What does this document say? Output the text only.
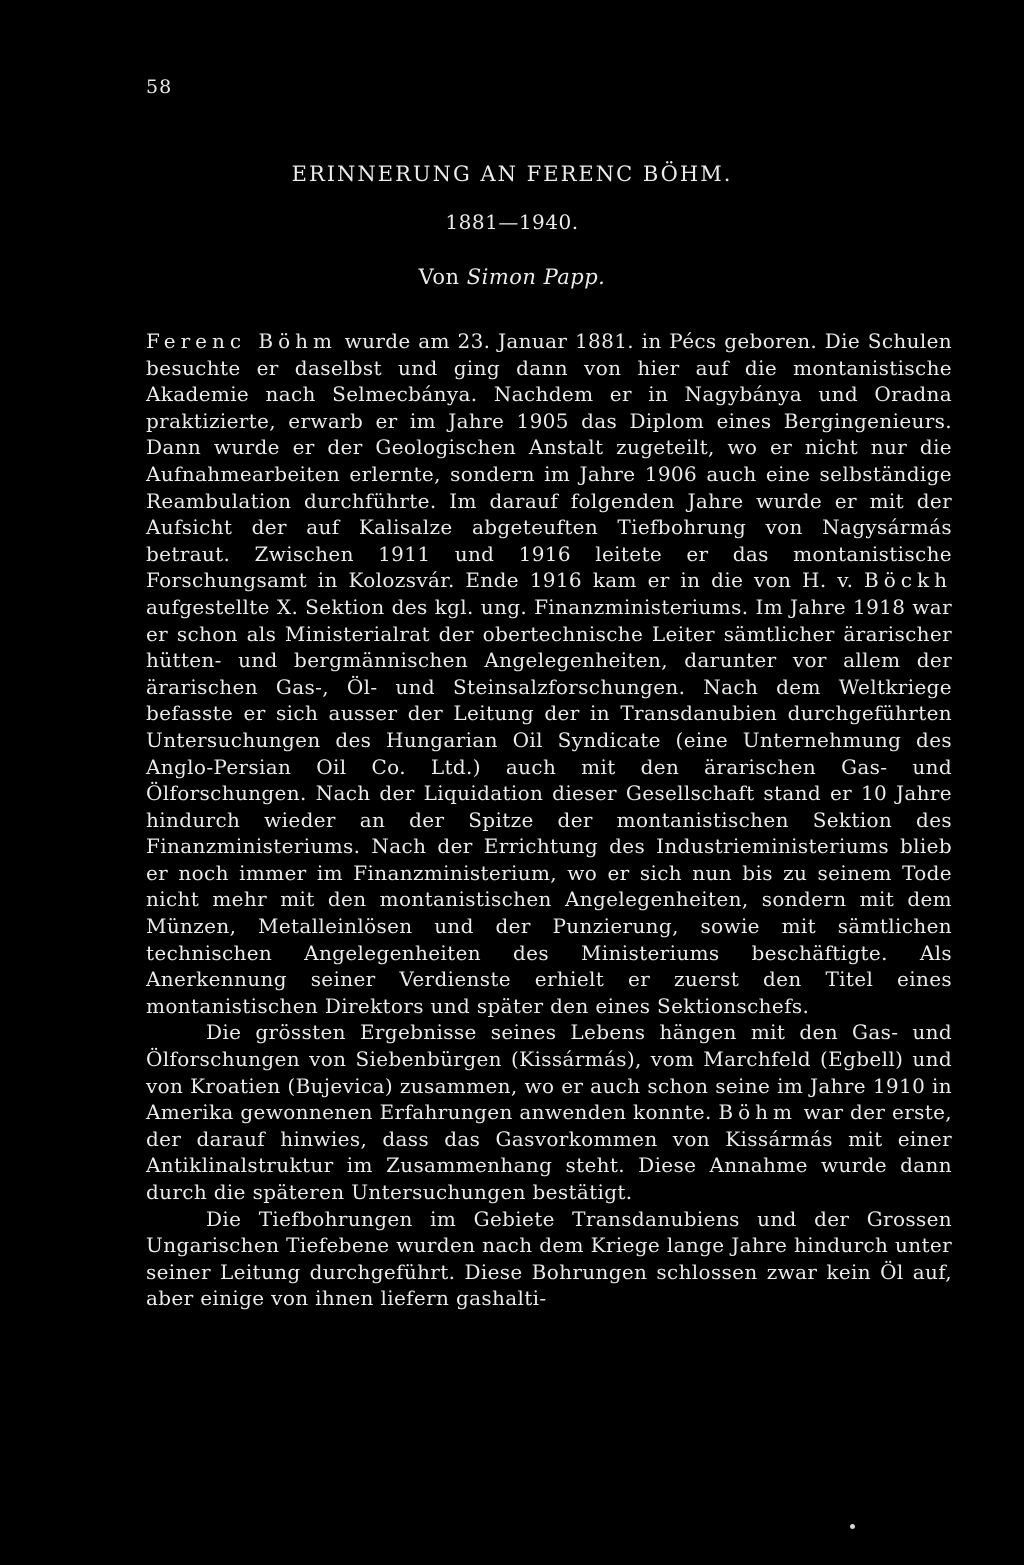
58
ERINNERUNG AN FERENC BÖHM.
1881—1940.
Von Simon Papp.

Ferenc Böhm wurde am 23. Januar 1881. in Pécs geboren. Die Schulen besuchte er daselbst und ging dann von hier auf die montanistische Akademie nach Selmecbánya. Nachdem er in Nagybánya und Oradna praktizierte, erwarb er im Jahre 1905 das Diplom eines Bergingenieurs. Dann wurde er der Geologischen Anstalt zugeteilt, wo er nicht nur die Aufnahmearbeiten erlernte, sondern im Jahre 1906 auch eine selbständige Reambulation durchführte. Im darauf folgenden Jahre wurde er mit der Aufsicht der auf Kalisalze abgeteuften Tiefbohrung von Nagysármás betraut. Zwischen 1911 und 1916 leitete er das montanistische Forschungsamt in Kolozsvár. Ende 1916 kam er in die von H. v. Böckh aufgestellte X. Sektion des kgl. ung. Finanzministeriums. Im Jahre 1918 war er schon als Ministerialrat der obertechnische Leiter sämtlicher ärarischer hütten- und bergmännischen Angelegenheiten, darunter vor allem der ärarischen Gas-, Öl- und Steinsalzforschungen. Nach dem Weltkriege befasste er sich ausser der Leitung der in Transdanubien durchgeführten Untersuchungen des Hungarian Oil Syndicate (eine Unternehmung des Anglo-Persian Oil Co. Ltd.) auch mit den ärarischen Gas- und Ölforschungen. Nach der Liquidation dieser Gesellschaft stand er 10 Jahre hindurch wieder an der Spitze der montanistischen Sektion des Finanzministeriums. Nach der Errichtung des Industrieministeriums blieb er noch immer im Finanzministerium, wo er sich nun bis zu seinem Tode nicht mehr mit den montanistischen Angelegenheiten, sondern mit dem Münzen, Metalleinlösen und der Punzierung, sowie mit sämtlichen technischen Angelegenheiten des Ministeriums beschäftigte. Als Anerkennung seiner Verdienste erhielt er zuerst den Titel eines montanistischen Direktors und später den eines Sektionschefs.

Die grössten Ergebnisse seines Lebens hängen mit den Gas- und Ölforschungen von Siebenbürgen (Kissármás), vom Marchfeld (Egbell) und von Kroatien (Bujevica) zusammen, wo er auch schon seine im Jahre 1910 in Amerika gewonnenen Erfahrungen anwenden konnte. Böhm war der erste, der darauf hinwies, dass das Gasvorkommen von Kissármás mit einer Antiklinalstruktur im Zusammenhang steht. Diese Annahme wurde dann durch die späteren Untersuchungen bestätigt.

Die Tiefbohrungen im Gebiete Transdanubiens und der Grossen Ungarischen Tiefebene wurden nach dem Kriege lange Jahre hindurch unter seiner Leitung durchgeführt. Diese Bohrungen schlossen zwar kein Öl auf, aber einige von ihnen liefern gashalti-
